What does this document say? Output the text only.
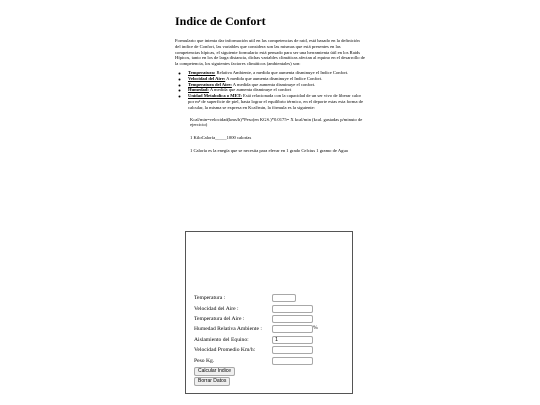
Indice de Confort

Formulario que intenta dar información util en las competencias de raid, está basado en la definición del indice de Confort, las variables que considera son las mismas que está presentes en las competencias hípicas, el siguiente formulario está pensado para ser una herramienta útil en los Raids Hípicos, tanto en los de larga distancia, dichas variables climáticas afectan al equino en el desarrollo de la competencia, los siguientes factores climáticos (ambientales) son:

◦ Temperatura: Relativa Ambiente, a medida que aumenta disminuye el Indice Confort.
◦ Velocidad del Aire: A medida que aumenta disminuye el Indice Confort.
◦ Temperatura del Aire: A medida que aumenta disminuye el confort.
◦ Humedad: A medida que aumenta disminuye el confort
◦ Unidad Metabolica o MET: Está relacionada con la capacidad de un ser vivo de liberar calor por m² de superficie de piel, hasta lograr el equilibrio térmico, en el deporte estas esta forma de calcular, la misma se expresa en Kcal/min, la fórmula es la siguiente:

Kcal/min=velocidad(kms/h)*Peso(en KGS.)*0.0175= X kcal/min (kcal. gastadas p/minuto de ejercicio)

1 KiloCaloría_____1000 calorías

1 Caloría es la enegía que se necesita para elevar en 1 grado Celcius 1 gramo de Agua

Temperatura :
Velocidad del Aire :
Temperatura del Aire :
Humedad Relativa Ambiente :	%
Aislamiento del Equino:
1
Velocidad Promedio Km/h:
Peso Kg.
Calcular Indice
Borrar Datos
